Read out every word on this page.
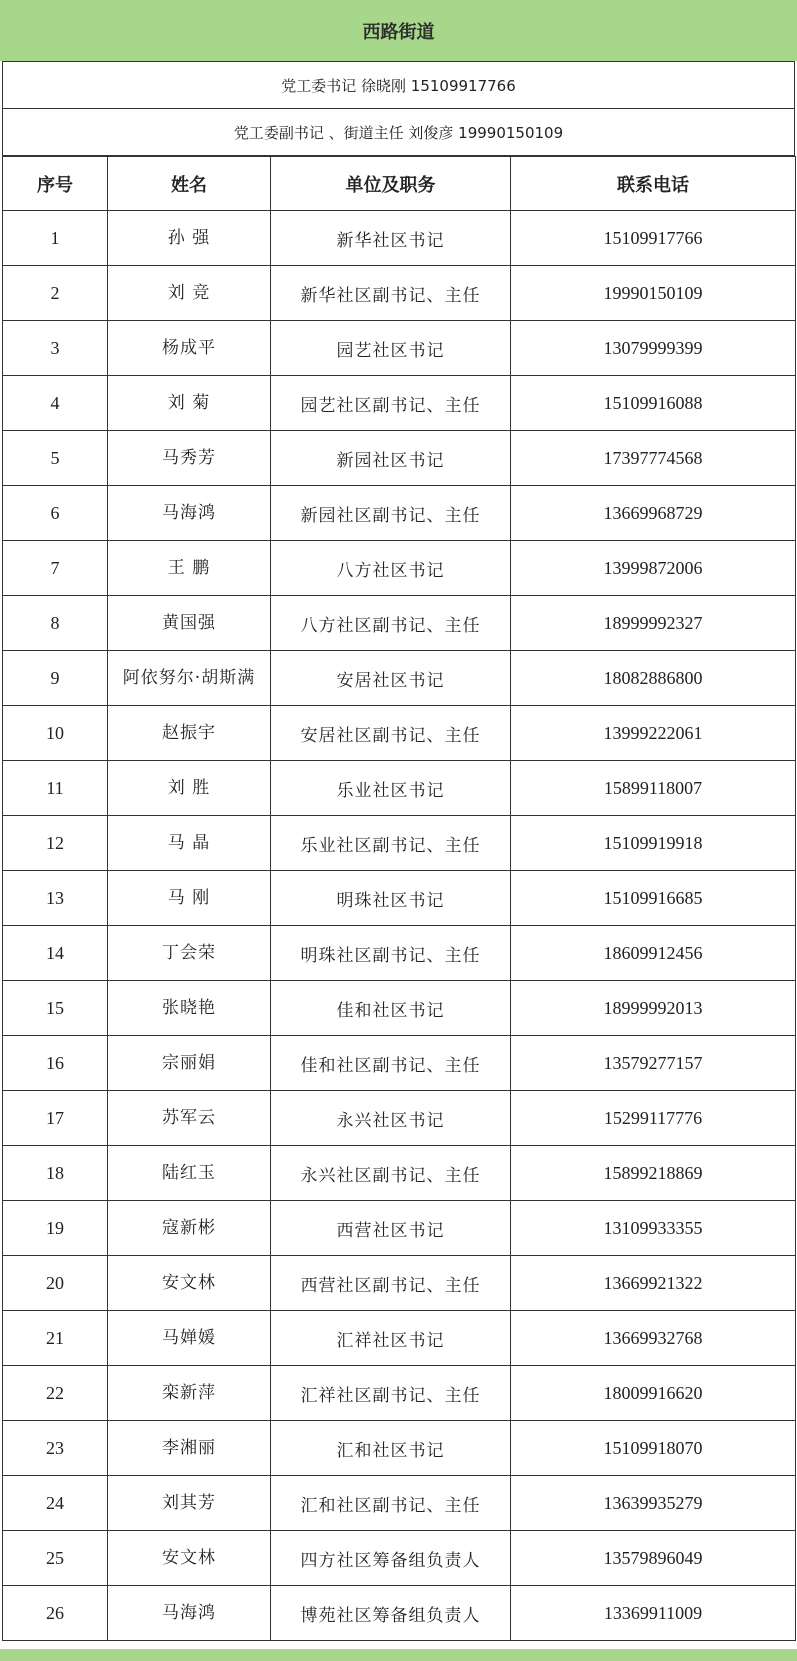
西路街道
党工委书记 徐晓刚 15109917766
党工委副书记 、街道主任 刘俊彦 19990150109
序号	姓名	单位及职务	联系电话
1	孙 强	新华社区书记	15109917766
2	刘 竞	新华社区副书记、主任	19990150109
3	杨成平	园艺社区书记	13079999399
4	刘 菊	园艺社区副书记、主任	15109916088
5	马秀芳	新园社区书记	17397774568
6	马海鸿	新园社区副书记、主任	13669968729
7	王 鹏	八方社区书记	13999872006
8	黄国强	八方社区副书记、主任	18999992327
9	阿依努尔·胡斯满	安居社区书记	18082886800
10	赵振宇	安居社区副书记、主任	13999222061
11	刘 胜	乐业社区书记	15899118007
12	马 晶	乐业社区副书记、主任	15109919918
13	马 刚	明珠社区书记	15109916685
14	丁会荣	明珠社区副书记、主任	18609912456
15	张晓艳	佳和社区书记	18999992013
16	宗丽娟	佳和社区副书记、主任	13579277157
17	苏军云	永兴社区书记	15299117776
18	陆红玉	永兴社区副书记、主任	15899218869
19	寇新彬	西营社区书记	13109933355
20	安文林	西营社区副书记、主任	13669921322
21	马婵媛	汇祥社区书记	13669932768
22	栾新萍	汇祥社区副书记、主任	18009916620
23	李湘丽	汇和社区书记	15109918070
24	刘其芳	汇和社区副书记、主任	13639935279
25	安文林	四方社区筹备组负责人	13579896049
26	马海鸿	博苑社区筹备组负责人	13369911009
